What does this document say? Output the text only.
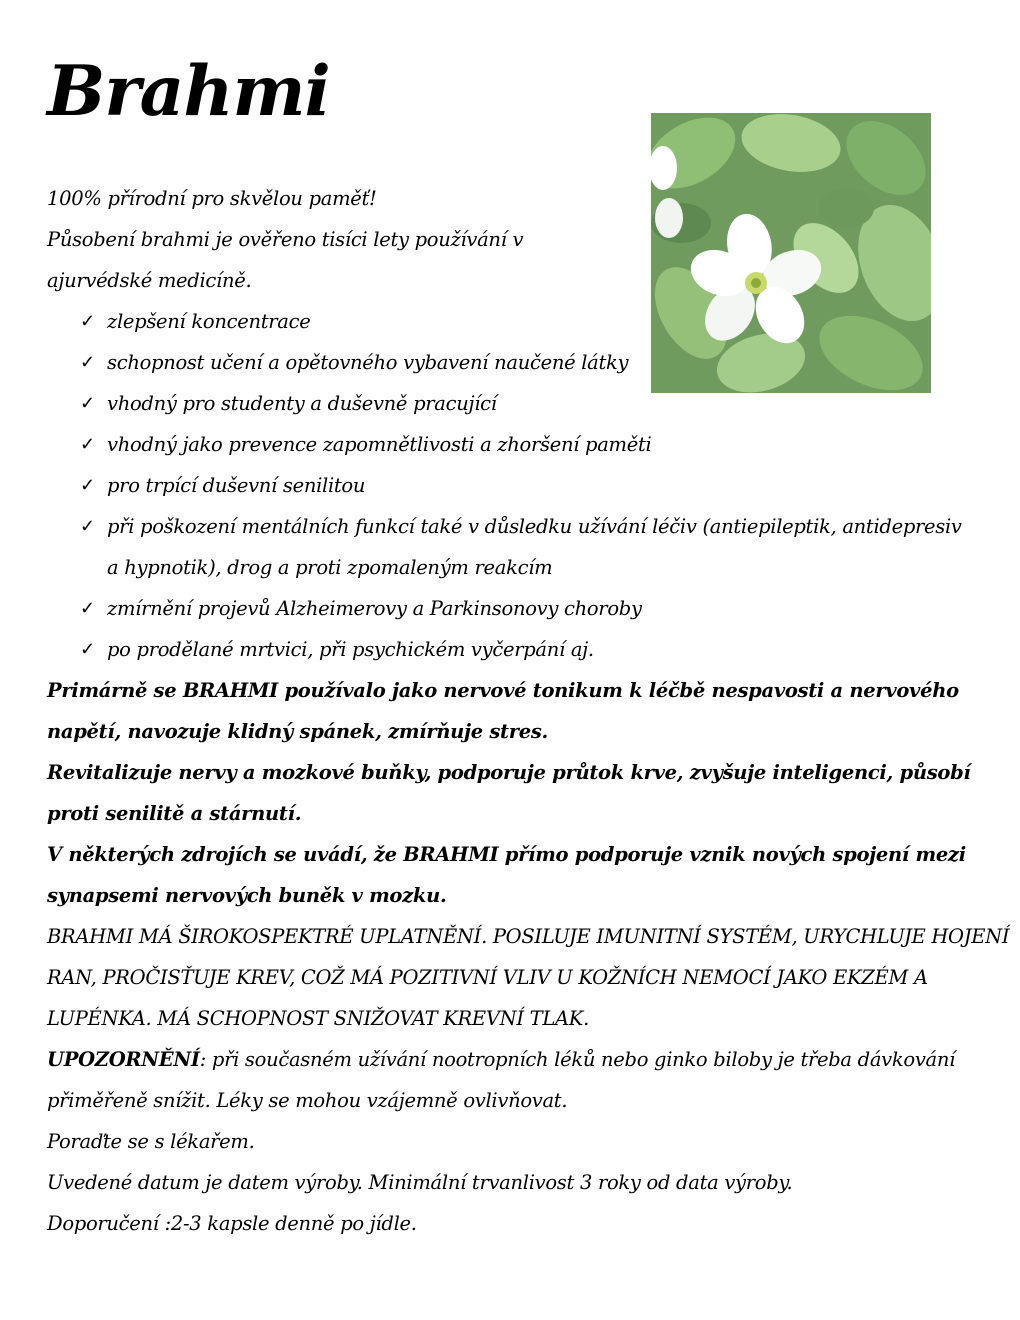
Brahmi
100% přírodní pro skvělou paměť!
Působení brahmi je ověřeno tisíci lety používání v
ajurvédské medicíně.
✓ zlepšení koncentrace
✓ schopnost učení a opětovného vybavení naučené látky
✓ vhodný pro studenty a duševně pracující
✓ vhodný jako prevence zapomnětlivosti a zhoršení paměti
✓ pro trpící duševní senilitou
✓ při poškození mentálních funkcí také v důsledku užívání léčiv (antiepileptik, antidepresiv
a hypnotik), drog a proti zpomaleným reakcím
✓ zmírnění projevů Alzheimerovy a Parkinsonovy choroby
✓ po prodělané mrtvici, při psychickém vyčerpání aj.
Primárně se BRAHMI používalo jako nervové tonikum k léčbě nespavosti a nervového
napětí, navozuje klidný spánek, zmírňuje stres.
Revitalizuje nervy a mozkové buňky, podporuje průtok krve, zvyšuje inteligenci, působí
proti senilitě a stárnutí.
V některých zdrojích se uvádí, že BRAHMI přímo podporuje vznik nových spojení mezi
synapsemi nervových buněk v mozku.
BRAHMI MÁ ŠIROKOSPEKTRÉ UPLATNĚNÍ. POSILUJE IMUNITNÍ SYSTÉM, URYCHLUJE HOJENÍ
RAN, PROČISŤUJE KREV, COŽ MÁ POZITIVNÍ VLIV U KOŽNÍCH NEMOCÍ JAKO EKZÉM A
LUPÉNKA. MÁ SCHOPNOST SNIŽOVAT KREVNÍ TLAK.
UPOZORNĚNÍ: při současném užívání nootropních léků nebo ginko biloby je třeba dávkování
přiměřeně snížit. Léky se mohou vzájemně ovlivňovat.
Poraďte se s lékařem.
Uvedené datum je datem výroby. Minimální trvanlivost 3 roky od data výroby.
Doporučení :2-3 kapsle denně po jídle.
